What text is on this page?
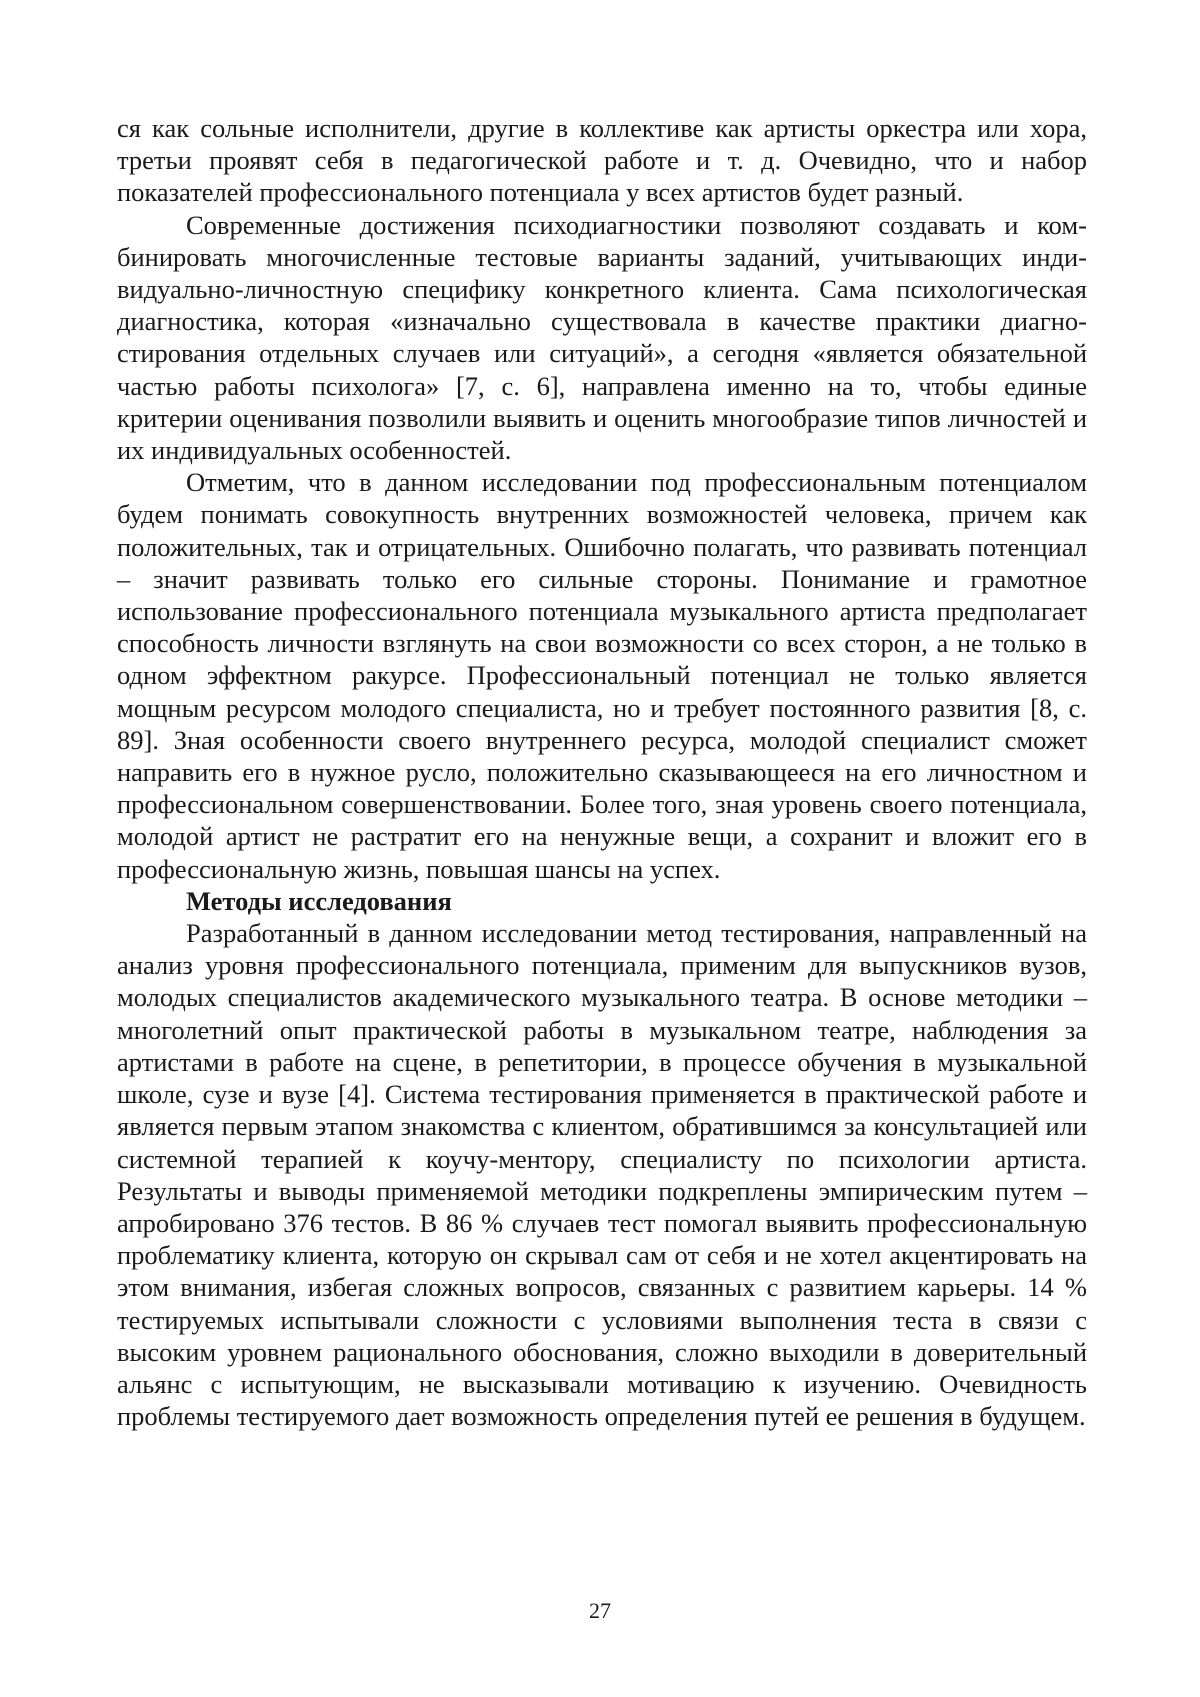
ся как сольные исполнители, другие в коллективе как артисты оркестра или хора, третьи проявят себя в педагогической работе и т. д. Очевидно, что и набор показателей профессионального потенциала у всех артистов будет разный.

Современные достижения психодиагностики позволяют создавать и комбинировать многочисленные тестовые варианты заданий, учитывающих индивидуально-личностную специфику конкретного клиента. Сама психологическая диагностика, которая «изначально существовала в качестве практики диагностирования отдельных случаев или ситуаций», а сегодня «является обязательной частью работы психолога» [7, с. 6], направлена именно на то, чтобы единые критерии оценивания позволили выявить и оценить многообразие типов личностей и их индивидуальных особенностей.

Отметим, что в данном исследовании под профессиональным потенциалом будем понимать совокупность внутренних возможностей человека, причем как положительных, так и отрицательных. Ошибочно полагать, что развивать потенциал – значит развивать только его сильные стороны. Понимание и грамотное использование профессионального потенциала музыкального артиста предполагает способность личности взглянуть на свои возможности со всех сторон, а не только в одном эффектном ракурсе. Профессиональный потенциал не только является мощным ресурсом молодого специалиста, но и требует постоянного развития [8, с. 89]. Зная особенности своего внутреннего ресурса, молодой специалист сможет направить его в нужное русло, положительно сказывающееся на его личностном и профессиональном совершенствовании. Более того, зная уровень своего потенциала, молодой артист не растратит его на ненужные вещи, а сохранит и вложит его в профессиональную жизнь, повышая шансы на успех.

Методы исследования

Разработанный в данном исследовании метод тестирования, направленный на анализ уровня профессионального потенциала, применим для выпускников вузов, молодых специалистов академического музыкального театра. В основе методики – многолетний опыт практической работы в музыкальном театре, наблюдения за артистами в работе на сцене, в репетитории, в процессе обучения в музыкальной школе, сузе и вузе [4]. Система тестирования применяется в практической работе и является первым этапом знакомства с клиентом, обратившимся за консультацией или системной терапией к коучу-ментору, специалисту по психологии артиста. Результаты и выводы применяемой методики подкреплены эмпирическим путем – апробировано 376 тестов. В 86 % случаев тест помогал выявить профессиональную проблематику клиента, которую он скрывал сам от себя и не хотел акцентировать на этом внимания, избегая сложных вопросов, связанных с развитием карьеры. 14 % тестируемых испытывали сложности с условиями выполнения теста в связи с высоким уровнем рационального обоснования, сложно выходили в доверительный альянс с испытующим, не высказывали мотивацию к изучению. Очевидность проблемы тестируемого дает возможность определения путей ее решения в будущем.

27
